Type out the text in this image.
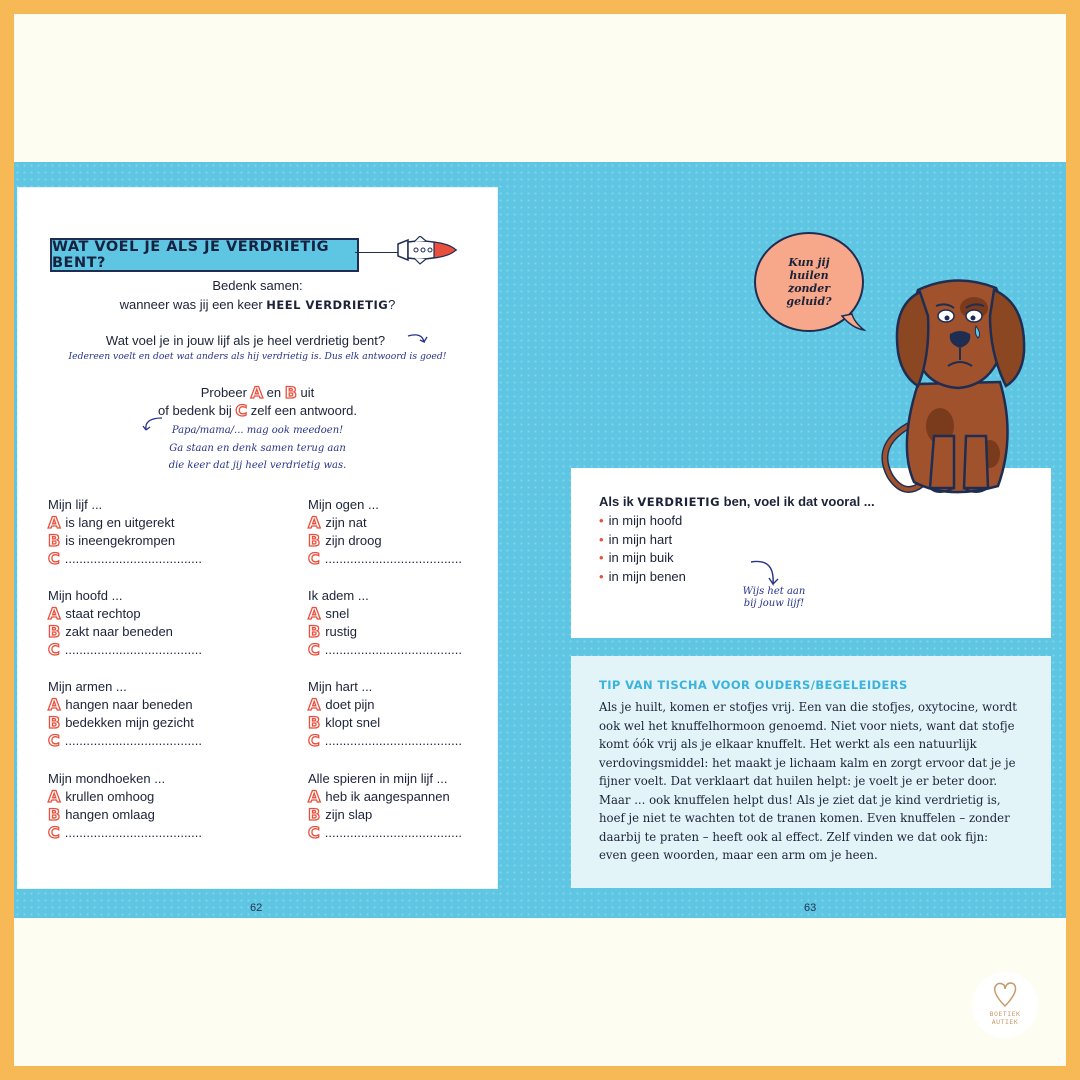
WAT VOEL JE ALS JE VERDRIETIG BENT?
Bedenk samen:
wanneer was jij een keer HEEL VERDRIETIG?
Wat voel je in jouw lijf als je heel verdrietig bent?
Iedereen voelt en doet wat anders als hij verdrietig is. Dus elk antwoord is goed!
Probeer A en B uit
of bedenk bij C zelf een antwoord.
Papa/mama/... mag ook meedoen!
Ga staan en denk samen terug aan
die keer dat jij heel verdrietig was.
Mijn lijf ...
A is lang en uitgerekt
B is ineengekrompen
C ......................................
Mijn ogen ...
A zijn nat
B zijn droog
C ......................................
Mijn hoofd ...
A staat rechtop
B zakt naar beneden
C ......................................
Ik adem ...
A snel
B rustig
C ......................................
Mijn armen ...
A hangen naar beneden
B bedekken mijn gezicht
C ......................................
Mijn hart ...
A doet pijn
B klopt snel
C ......................................
Mijn mondhoeken ...
A krullen omhoog
B hangen omlaag
C ......................................
Alle spieren in mijn lijf ...
A heb ik aangespannen
B zijn slap
C ......................................
62
Kun jij huilen zonder geluid?
Als ik VERDRIETIG ben, voel ik dat vooral ...
• in mijn hoofd
• in mijn hart
• in mijn buik
• in mijn benen
Wijs het aan
bij jouw lijf!
TIP VAN TISCHA VOOR OUDERS/BEGELEIDERS
Als je huilt, komen er stofjes vrij. Een van die stofjes, oxytocine, wordt ook wel het knuffelhormoon genoemd. Niet voor niets, want dat stofje komt óók vrij als je elkaar knuffelt. Het werkt als een natuurlijk verdovingsmiddel: het maakt je lichaam kalm en zorgt ervoor dat je je fijner voelt. Dat verklaart dat huilen helpt: je voelt je er beter door. Maar ... ook knuffelen helpt dus! Als je ziet dat je kind verdrietig is, hoef je niet te wachten tot de tranen komen. Even knuffelen – zonder daarbij te praten – heeft ook al effect. Zelf vinden we dat ook fijn: even geen woorden, maar een arm om je heen.
63
BOETIEK
AUTIEK
